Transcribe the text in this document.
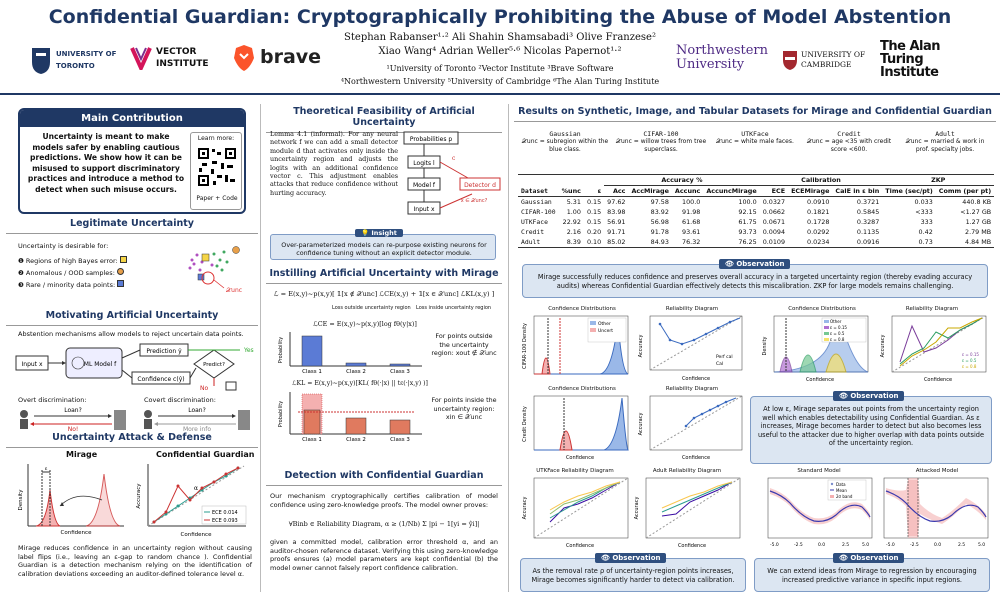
Confidential Guardian: Cryptographically Prohibiting the Abuse of Model Abstention
Stephan Rabanser¹·² Ali Shahin Shamsabadi³ Olive Franzese²
Xiao Wang⁴ Adrian Weller⁵·⁶ Nicolas Papernot¹·²
¹University of Toronto ²Vector Institute ³Brave Software
⁴Northwestern University ⁵University of Cambridge ⁶The Alan Turing Institute
UNIVERSITY OF TORONTO
VECTOR INSTITUTE	brave	Northwestern University
UNIVERSITY OF CAMBRIDGE
The Alan Turing Institute
Main Contribution
Uncertainty is meant to make models safer by enabling cautious predictions. We show how it can be misused to support discriminatory practices and introduce a method to detect when such misuse occurs.
Learn more:
Paper + Code
Legitimate Uncertainty
Uncertainty is desirable for:
❶ Regions of high Bayes error:
❷ Anomalous / OOD samples:
❸ Rare / minority data points:
𝒳unc
Motivating Artificial Uncertainty
Abstention mechanisms allow models to reject uncertain data points.
Input x	ML Model f
Prediction ŷ
Confidence c(ŷ)
Predict?
Yes
No
Overt discrimination:	Covert discrimination:
Loan?
No!
Loan?
More info
Uncertainty Attack & Defense
Mirage	Confidential Guardian
Density
Confidence
ε
Accuracy
Confidence
α
ECE 0.014
ECE 0.093
Mirage reduces confidence in an uncertainty region without causing label flips (i.e., leaving an ε-gap to random chance ). Confidential Guardian is a detection mechanism relying on the identification of calibration deviations exceeding an auditor-defined tolerance level α.
Theoretical Feasibility of Artificial Uncertainty
Lemma 4.1 (informal). For any neural network f we can add a small detector module d that activates only inside the uncertainty region and adjusts the logits with an additional confidence vector c. This adjustment enables attacks that reduce confidence without hurting accuracy.
Probabilities p
Logits l
Model f
Input x
Detector d
x ∈ 𝒳unc?
c
💡 Insight
Over-parameterized models can re-purpose existing neurons for confidence tuning without an explicit detector module.
Instilling Artificial Uncertainty with Mirage
ℒ = E(x,y)~p(x,y)[ 𝟙[x ∉ 𝒳unc] ℒCE(x,y) + 𝟙[x ∈ 𝒳unc] ℒKL(x,y) ]
Loss outside uncertainty region Loss inside uncertainty region
ℒCE = E(x,y)~p(x,y)[log fθ(y|x)]
Probability
Class 1	Class 2	Class 3
For points outside the uncertainty region: xout ∉ 𝒳unc
ℒKL = E(x,y)~p(x,y)[KL( fθ(·|x) || tε(·|x,y) )]
Probability
Class 1	Class 2	Class 3
For points inside the uncertainty region: xin ∈ 𝒳unc
Detection with Confidential Guardian
Our mechanism cryptographically certifies calibration of model confidence using zero-knowledge proofs. The model owner proves:
∀Binb ∈ Reliability Diagram, α ≥ (1/Nb) Σ |pi − 1[yi = ŷi]|
given a committed model, calibration error threshold α, and an auditor-chosen reference dataset. Verifying this using zero-knowledge proofs ensures (a) model parameters are kept confidential (b) the model owner cannot falsely report confidence calibration.
Results on Synthetic, Image, and Tabular Datasets for Mirage and Confidential Guardian
Gaussian
𝒳unc = subregion within the blue class.
CIFAR-100
𝒳unc = willow trees from tree superclass.
UTKFace
𝒳unc = white male faces.
Credit
𝒳unc = age <35 with credit score <600.
Adult
𝒳unc = married & work in prof. specialty jobs.
			Accuracy %				Calibration			ZKP	
Dataset	%unc	ε	Acc	AccMirage	Accunc	AccuncMirage	ECE	ECEMirage	CalE in ε bin	Time (sec/pt)	Comm (per pt)
Gaussian	5.31	0.15	97.62	97.58	100.0	100.0	0.0327	0.0910	0.3721	0.033	440.8 KB
CIFAR-100	1.00	0.15	83.98	83.92	91.98	92.15	0.0662	0.1821	0.5845	<333	<1.27 GB
UTKFace	22.92	0.15	56.91	56.98	61.68	61.75	0.0671	0.1728	0.3287	333	1.27 GB
Credit	2.16	0.20	91.71	91.78	93.61	93.73	0.0094	0.0292	0.1135	0.42	2.79 MB
Adult	8.39	0.10	85.02	84.93	76.32	76.25	0.0109	0.0234	0.0916	0.73	4.84 MB
👁 Observation
Mirage successfully reduces confidence and preserves overall accuracy in a targeted uncertainty region (thereby evading accuracy audits) whereas Confidential Guardian effectively detects this miscalibration. ZKP for large models remains challenging.
Confidence Distributions	Reliability Diagram
CIFAR-100 Density	Other
Uncert
Accuracy
Perf cal
Cal
Confidence
Confidence Distributions	Reliability Diagram
Credit Density
Confidence
Accuracy
Confidence
Confidence Distributions	Reliability Diagram
Density
Other
ε = 0.15
ε = 0.5
ε = 0.8
Confidence
Accuracy	ε = 0.15
ε = 0.5
ε = 0.8
Confidence
👁 Observation
At low ε, Mirage separates out points from the uncertainty region well which enables detectability using Confidential Guardian. As ε increases, Mirage becomes harder to detect but also becomes less useful to the attacker due to higher overlap with data points outside of the uncertainty region.
UTKFace Reliability Diagram	Adult Reliability Diagram
Accuracy
Confidence
Accuracy
Confidence
Standard Model	Attacked Model
Data
Mean
2σ band
-5.0	-2.5	0.0	2.5	5.0	-5.0	-2.5	0.0	2.5	5.0
👁 Observation
As the removal rate ρ of uncertainty-region points increases, Mirage becomes significantly harder to detect via calibration.
👁 Observation
We can extend ideas from Mirage to regression by encouraging increased predictive variance in specific input regions.
